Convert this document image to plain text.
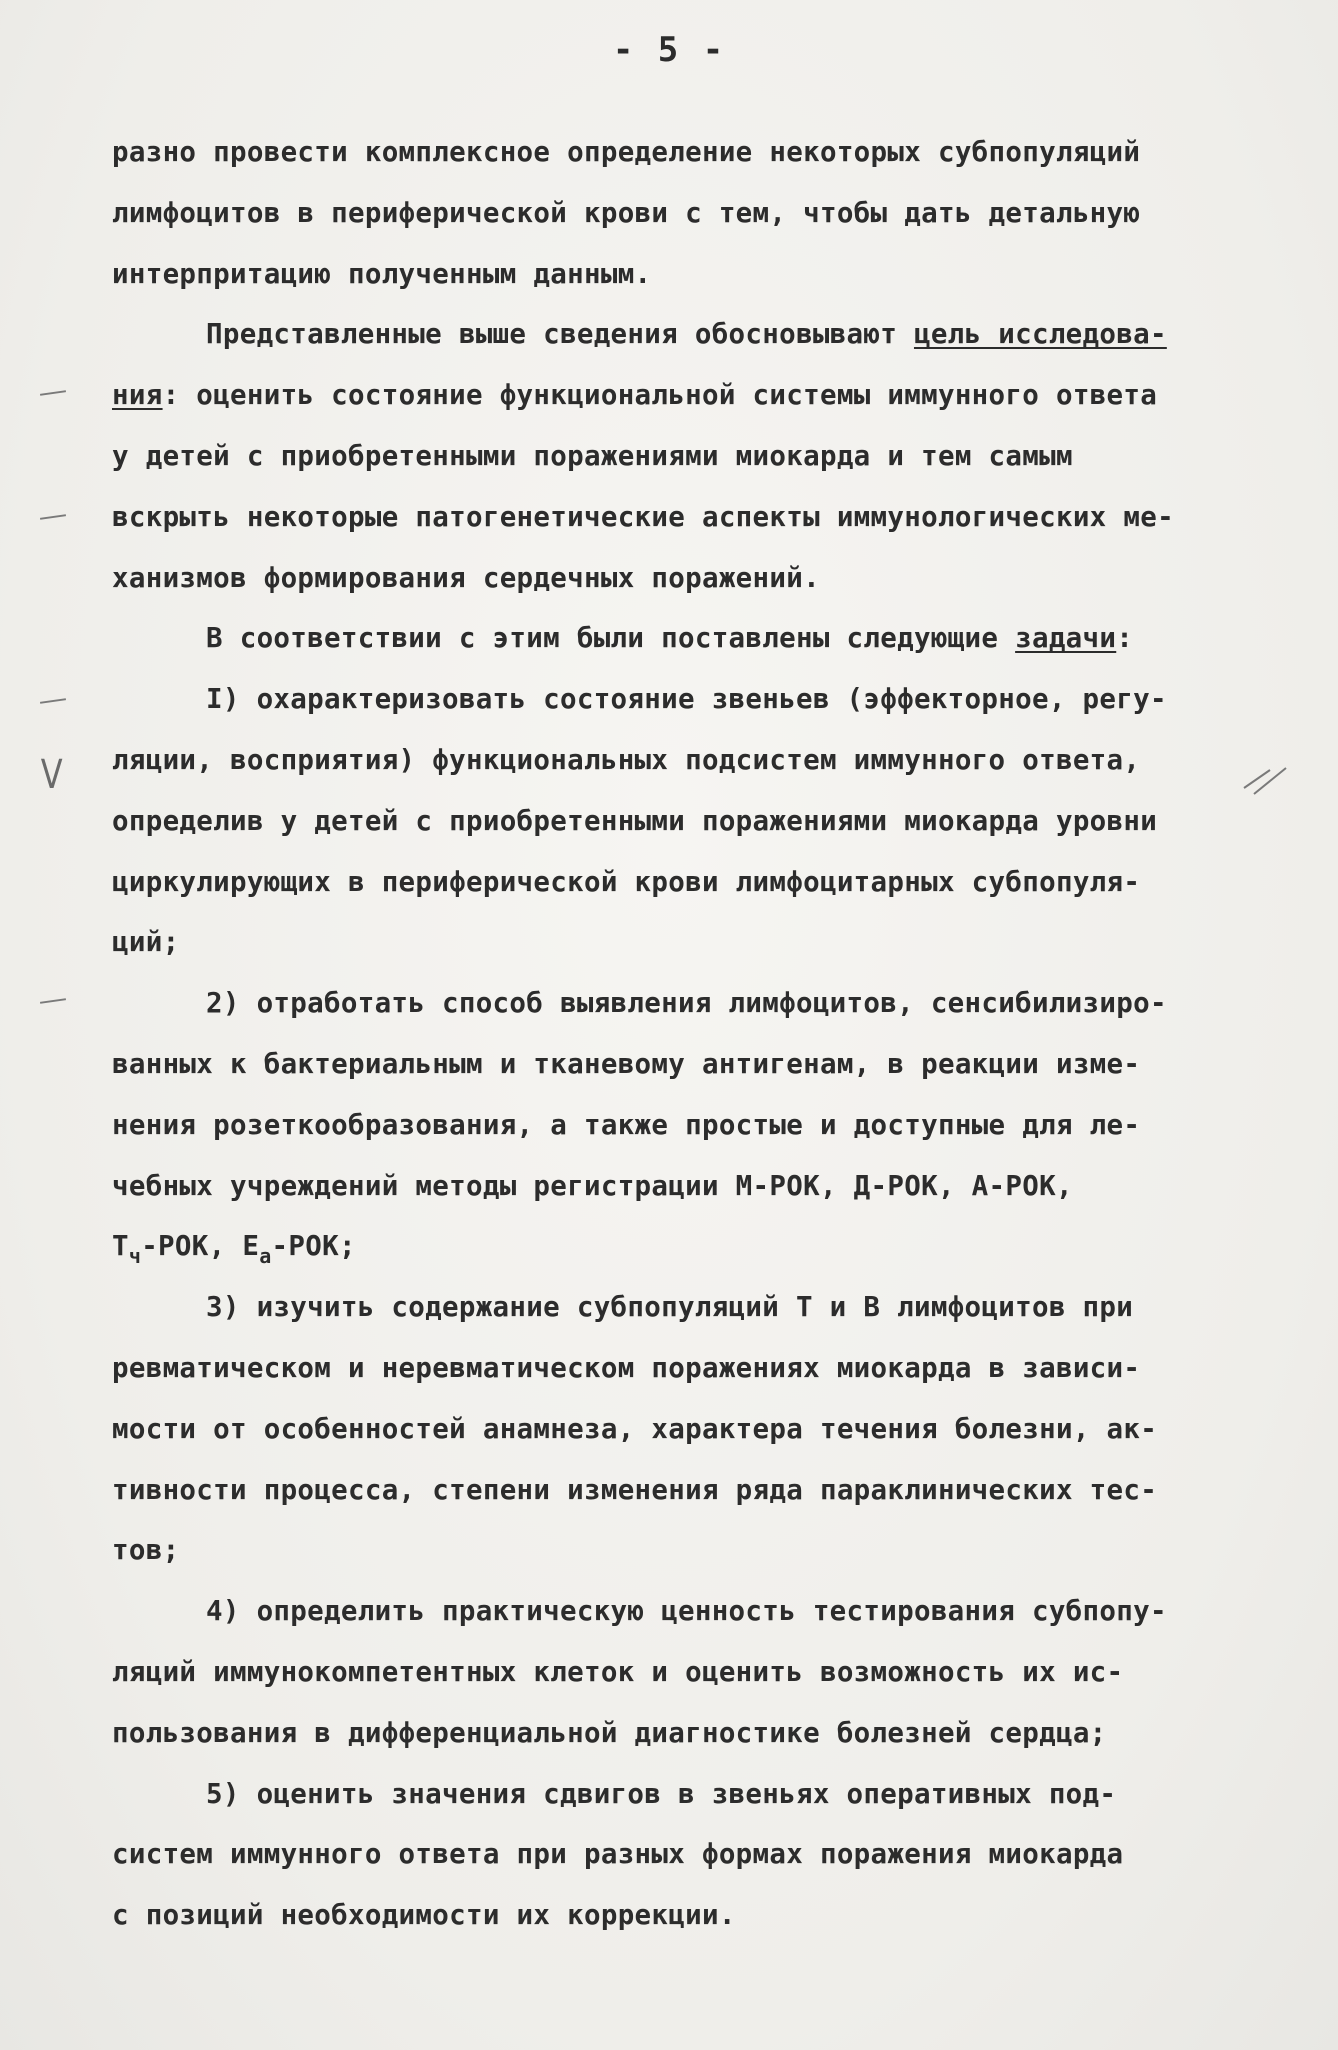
- 5 -
V
разно провести комплексное определение некоторых субпопуляций
лимфоцитов в периферической крови с тем, чтобы дать детальную
интерпритацию полученным данным.
Представленные выше сведения обосновывают цель исследова-
ния: оценить состояние функциональной системы иммунного ответа
у детей с приобретенными поражениями миокарда и тем самым
вскрыть некоторые патогенетические аспекты иммунологических ме-
ханизмов формирования сердечных поражений.
В соответствии с этим были поставлены следующие задачи:
I) охарактеризовать состояние звеньев (эффекторное, регу-
ляции, восприятия) функциональных подсистем иммунного ответа,
определив у детей с приобретенными поражениями миокарда уровни
циркулирующих в периферической крови лимфоцитарных субпопуля-
ций;
2) отработать способ выявления лимфоцитов, сенсибилизиро-
ванных к бактериальным и тканевому антигенам, в реакции изме-
нения розеткообразования, а также простые и доступные для ле-
чебных учреждений методы регистрации М-РОК, Д-РОК, А-РОК,
$Т_ч$-РОК, $Е_а$-РОК;
3) изучить содержание субпопуляций Т и В лимфоцитов при
ревматическом и неревматическом поражениях миокарда в зависи-
мости от особенностей анамнеза, характера течения болезни, ак-
тивности процесса, степени изменения ряда параклинических тес-
тов;
4) определить практическую ценность тестирования субпопу-
ляций иммунокомпетентных клеток и оценить возможность их ис-
пользования в дифференциальной диагностике болезней сердца;
5) оценить значения сдвигов в звеньях оперативных под-
систем иммунного ответа при разных формах поражения миокарда
с позиций необходимости их коррекции.
